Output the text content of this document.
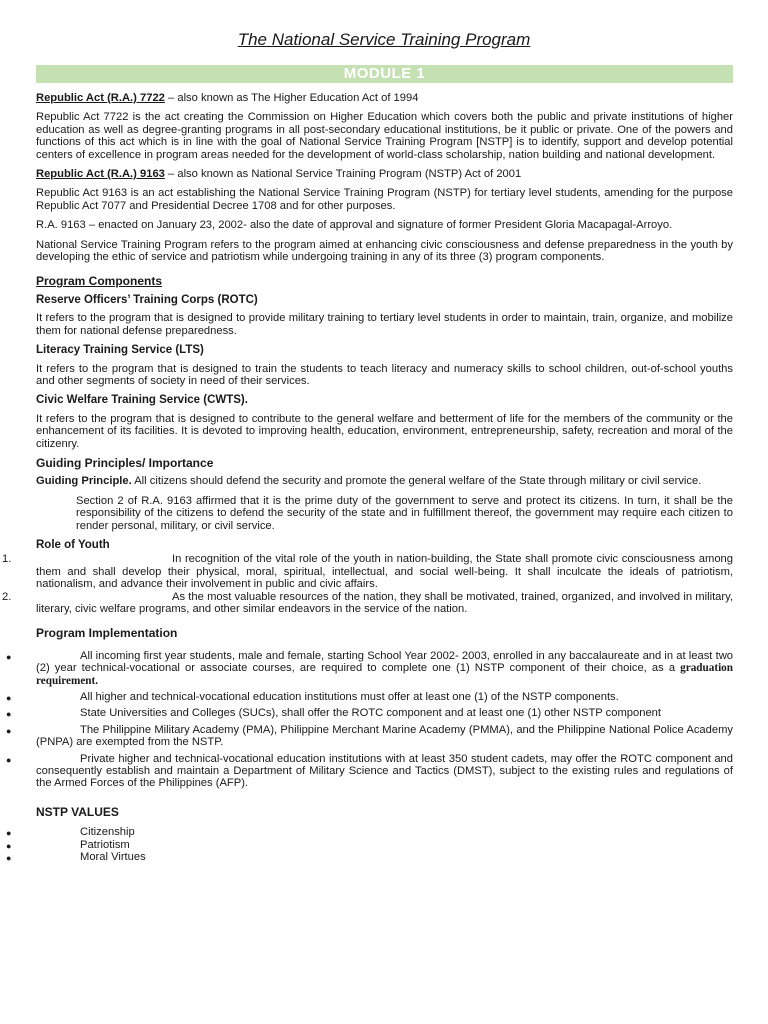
The National Service Training Program
MODULE 1

Republic Act (R.A.) 7722 – also known as The Higher Education Act of 1994

Republic Act 7722 is the act creating the Commission on Higher Education which covers both the public and private institutions of higher education as well as degree-granting programs in all post-secondary educational institutions, be it public or private. One of the powers and functions of this act which is in line with the goal of National Service Training Program [NSTP] is to identify, support and develop potential centers of excellence in program areas needed for the development of world-class scholarship, nation building and national development.

Republic Act (R.A.) 9163 – also known as National Service Training Program (NSTP) Act of 2001

Republic Act 9163 is an act establishing the National Service Training Program (NSTP) for tertiary level students, amending for the purpose Republic Act 7077 and Presidential Decree 1708 and for other purposes.

R.A. 9163 – enacted on January 23, 2002- also the date of approval and signature of former President Gloria Macapagal-Arroyo.

National Service Training Program refers to the program aimed at enhancing civic consciousness and defense preparedness in the youth by developing the ethic of service and patriotism while undergoing training in any of its three (3) program components.

Program Components
Reserve Officers’ Training Corps (ROTC)

It refers to the program that is designed to provide military training to tertiary level students in order to maintain, train, organize, and mobilize them for national defense preparedness.

Literacy Training Service (LTS)

It refers to the program that is designed to train the students to teach literacy and numeracy skills to school children, out-of-school youths and other segments of society in need of their services.

Civic Welfare Training Service (CWTS).

It refers to the program that is designed to contribute to the general welfare and betterment of life for the members of the community or the enhancement of its facilities. It is devoted to improving health, education, environment, entrepreneurship, safety, recreation and moral of the citizenry.

Guiding Principles/ Importance

Guiding Principle. All citizens should defend the security and promote the general welfare of the State through military or civil service.

Section 2 of R.A. 9163 affirmed that it is the prime duty of the government to serve and protect its citizens. In turn, it shall be the responsibility of the citizens to defend the security of the state and in fulfillment thereof, the government may require each citizen to render personal, military, or civil service.

Role of Youth
1.	In recognition of the vital role of the youth in nation-building, the State shall promote civic consciousness among them and shall develop their physical, moral, spiritual, intellectual, and social well-being. It shall inculcate the ideals of patriotism, nationalism, and advance their involvement in public and civic affairs.
2.	As the most valuable resources of the nation, they shall be motivated, trained, organized, and involved in military, literary, civic welfare programs, and other similar endeavors in the service of the nation.
Program Implementation
●	All incoming first year students, male and female, starting School Year 2002- 2003, enrolled in any baccalaureate and in at least two (2) year technical-vocational or associate courses, are required to complete one (1) NSTP component of their choice, as a graduation requirement.
●	All higher and technical-vocational education institutions must offer at least one (1) of the NSTP components.
●	State Universities and Colleges (SUCs), shall offer the ROTC component and at least one (1) other NSTP component
●	The Philippine Military Academy (PMA), Philippine Merchant Marine Academy (PMMA), and the Philippine National Police Academy (PNPA) are exempted from the NSTP.
●	Private higher and technical-vocational education institutions with at least 350 student cadets, may offer the ROTC component and consequently establish and maintain a Department of Military Science and Tactics (DMST), subject to the existing rules and regulations of the Armed Forces of the Philippines (AFP).
NSTP VALUES
●	Citizenship
●	Patriotism
●	Moral Virtues
